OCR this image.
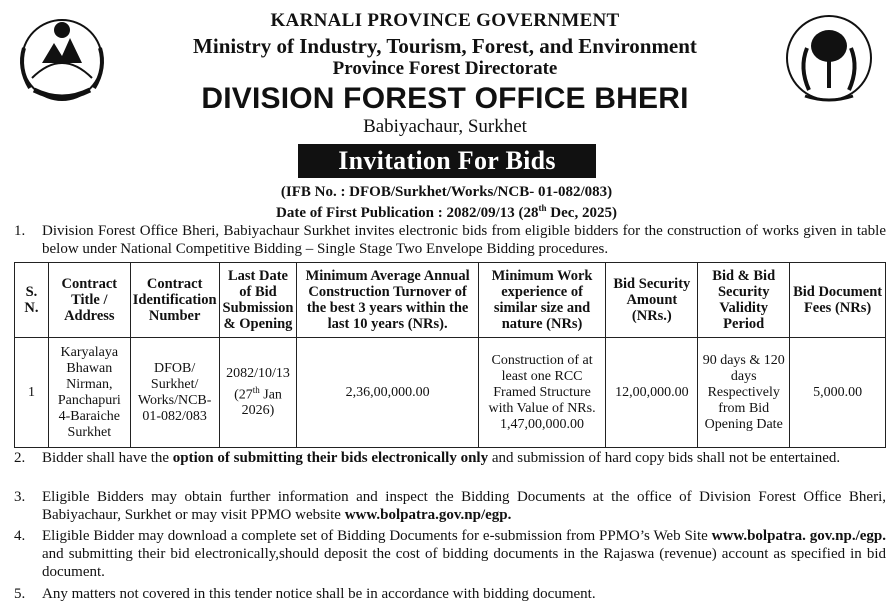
KARNALI PROVINCE GOVERNMENT
Ministry of Industry, Tourism, Forest, and Environment
Province Forest Directorate
DIVISION FOREST OFFICE BHERI
Babiyachaur, Surkhet
Invitation For Bids
(IFB No. : DFOB/Surkhet/Works/NCB- 01-082/083)
Date of First Publication : 2082/09/13 (28th Dec, 2025)
1.	Division Forest Office Bheri, Babiyachaur Surkhet invites electronic bids from eligible bidders for the construction of works given in table below under National Competitive Bidding – Single Stage Two Envelope Bidding procedures.
S. N.	Contract Title / Address	Contract Identification Number	Last Date of Bid Submission & Opening	Minimum Average Annual Construction Turnover of the best 3 years within the last 10 years (NRs).	Minimum Work experience of similar size and nature (NRs)	Bid Security Amount (NRs.)	Bid & Bid Security Validity Period	Bid Document Fees (NRs)
1	Karyalaya Bhawan Nirman, Panchapuri 4-Baraiche Surkhet	DFOB/ Surkhet/ Works/NCB-01-082/083	2082/10/13 (27th Jan 2026)	2,36,00,000.00	Construction of at least one RCC Framed Structure with Value of NRs. 1,47,00,000.00	12,00,000.00	90 days & 120 days Respectively from Bid Opening Date	5,000.00
2.	Bidder shall have the option of submitting their bids electronically only and submission of hard copy bids shall not be entertained.
3.	Eligible Bidders may obtain further information and inspect the Bidding Documents at the office of Division Forest Office Bheri, Babiyachaur, Surkhet or may visit PPMO website www.bolpatra.gov.np/egp.
4.	Eligible Bidder may download a complete set of Bidding Documents for e-submission from PPMO’s Web Site www.bolpatra. gov.np./egp. and submitting their bid electronically,should deposit the cost of bidding documents in the Rajaswa (revenue) account as specified in bid document.
5.	Any matters not covered in this tender notice shall be in accordance with bidding document.
